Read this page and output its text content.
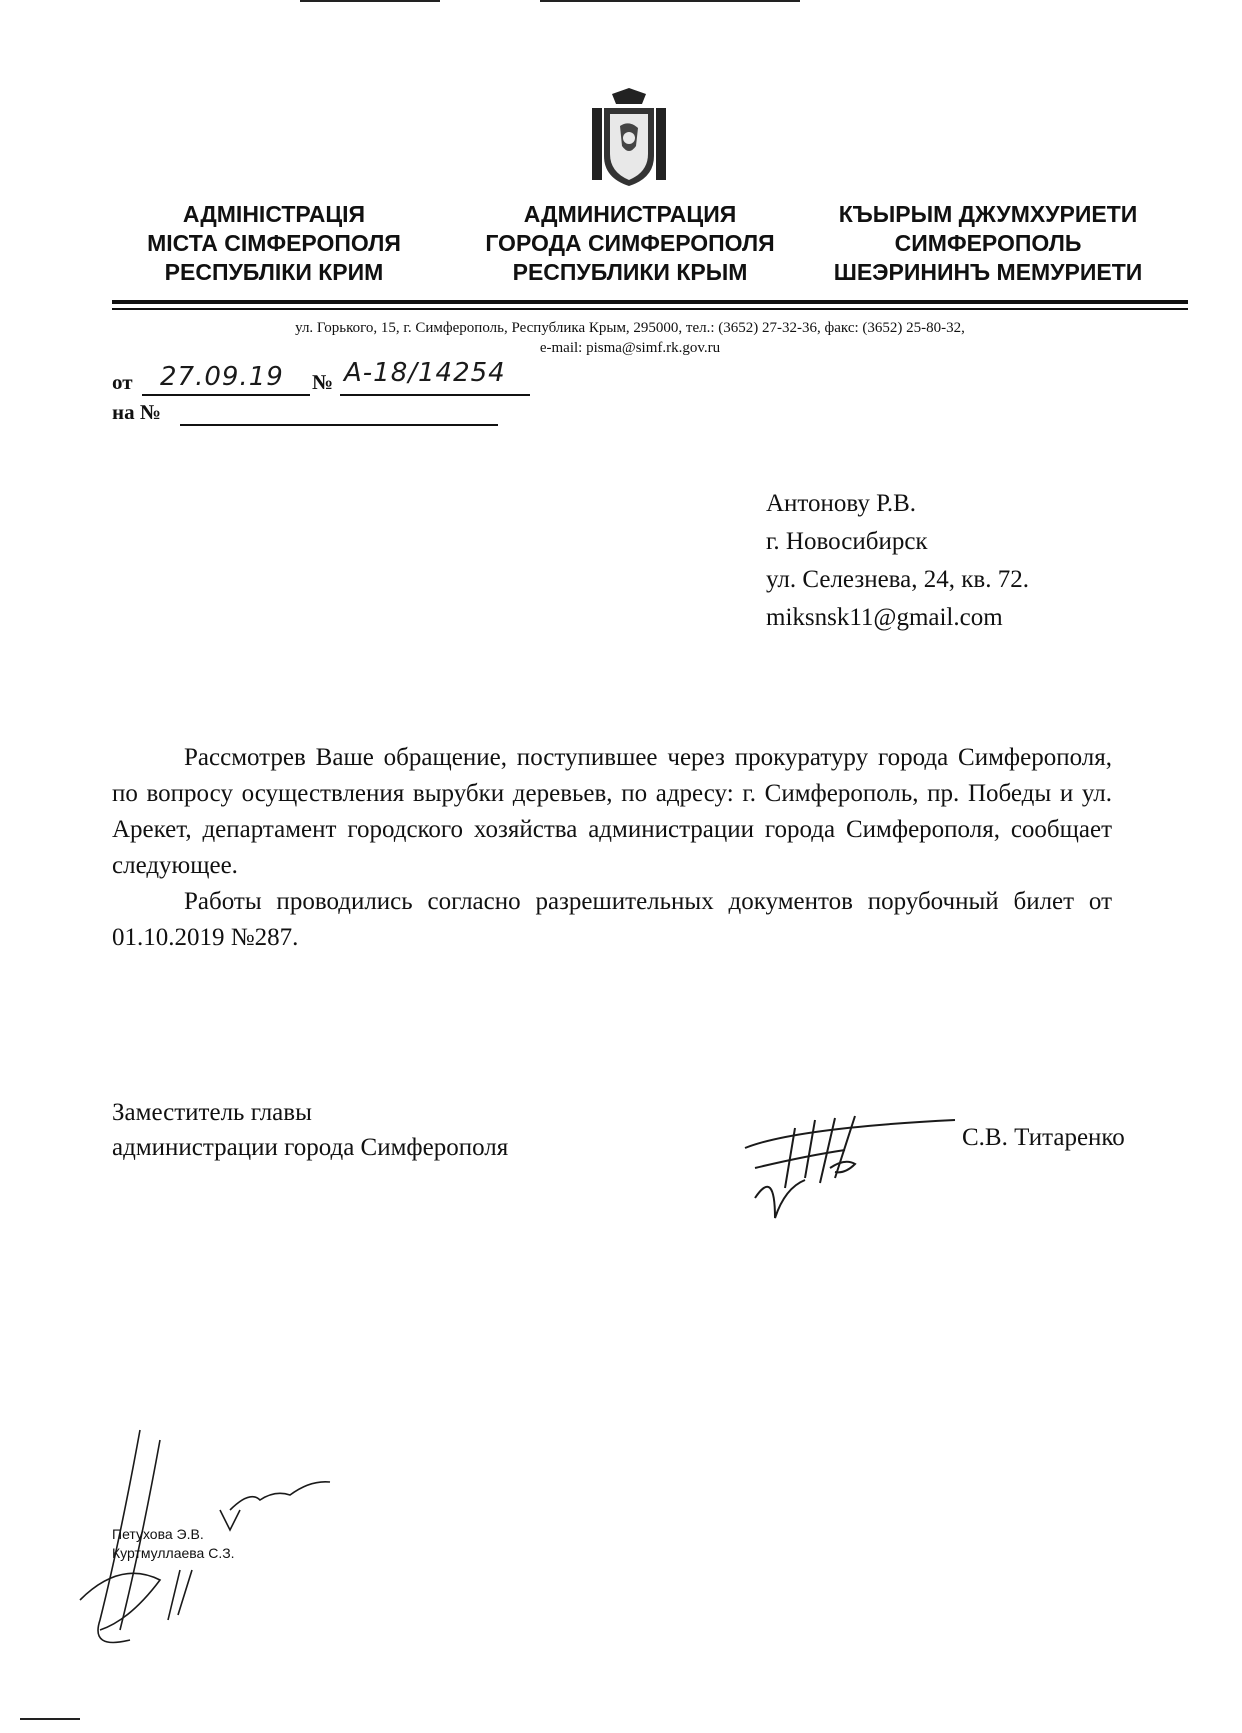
АДМІНІСТРАЦІЯ
МІСТА СІМФЕРОПОЛЯ
РЕСПУБЛІКИ КРИМ
АДМИНИСТРАЦИЯ
ГОРОДА СИМФЕРОПОЛЯ
РЕСПУБЛИКИ КРЫМ
КЪЫРЫМ ДЖУМХУРИЕТИ
СИМФЕРОПОЛЬ
ШЕЭРИНИНЪ МЕМУРИЕТИ
ул. Горького, 15, г. Симферополь, Республика Крым, 295000, тел.: (3652) 27-32-36, факс: (3652) 25-80-32,
e-mail: pisma@simf.rk.gov.ru
от 27.09.19 № A-18/14254
на №
Антонову Р.В.
г. Новосибирск
ул. Селезнева, 24, кв. 72.
miksnsk11@gmail.com

Рассмотрев Ваше обращение, поступившее через прокуратуру города Симферополя, по вопросу осуществления вырубки деревьев, по адресу: г. Симферополь, пр. Победы и ул. Арекет, департамент городского хозяйства администрации города Симферополя, сообщает следующее.

Работы проводились согласно разрешительных документов порубочный билет от 01.10.2019 №287.

Заместитель главы
администрации города Симферополя	С.В. Титаренко
Петухова Э.В.
Куртмуллаева С.З.
